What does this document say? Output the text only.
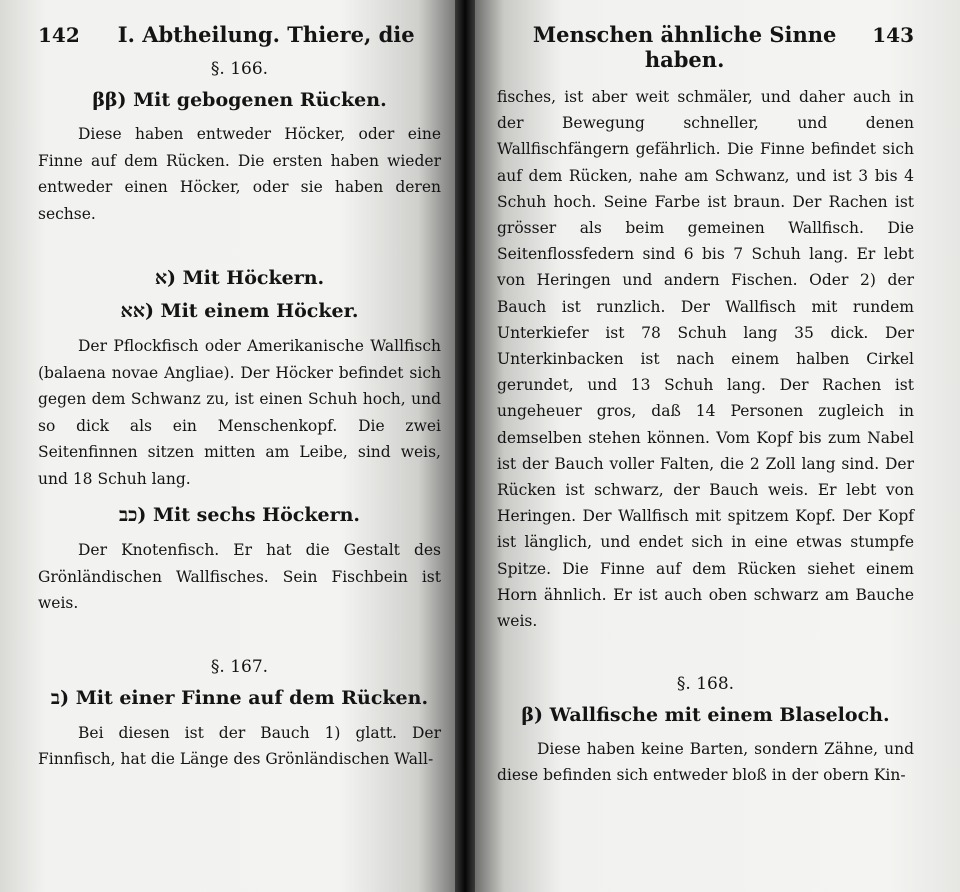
142 I. Abtheilung. Thiere, die
§. 166.
ββ) Mit gebogenen Rücken.

Diese haben entweder Höcker, oder eine Finne auf dem Rücken. Die ersten haben wieder entweder einen Höcker, oder sie haben deren sechse.

א) Mit Höckern.
אא) Mit einem Höcker.

Der Pflockfisch oder Amerikanische Wallfisch (balaena novae Angliae). Der Höcker befindet sich gegen dem Schwanz zu, ist einen Schuh hoch, und so dick als ein Menschenkopf. Die zwei Seitenfinnen sitzen mitten am Leibe, sind weis, und 18 Schuh lang.

כב) Mit sechs Höckern.

Der Knotenfisch. Er hat die Gestalt des Grönländischen Wallfisches. Sein Fischbein ist weis.

§. 167.
ב) Mit einer Finne auf dem Rücken.

Bei diesen ist der Bauch 1) glatt. Der Finnfisch, hat die Länge des Grönländischen Wall-

Menschen ähnliche Sinne haben.
143

fisches, ist aber weit schmäler, und daher auch in der Bewegung schneller, und denen Wallfischfängern gefährlich. Die Finne befindet sich auf dem Rücken, nahe am Schwanz, und ist 3 bis 4 Schuh hoch. Seine Farbe ist braun. Der Rachen ist grösser als beim gemeinen Wallfisch. Die Seitenflossfedern sind 6 bis 7 Schuh lang. Er lebt von Heringen und andern Fischen. Oder 2) der Bauch ist runzlich. Der Wallfisch mit rundem Unterkiefer ist 78 Schuh lang 35 dick. Der Unterkinbacken ist nach einem halben Cirkel gerundet, und 13 Schuh lang. Der Rachen ist ungeheuer gros, daß 14 Personen zugleich in demselben stehen können. Vom Kopf bis zum Nabel ist der Bauch voller Falten, die 2 Zoll lang sind. Der Rücken ist schwarz, der Bauch weis. Er lebt von Heringen. Der Wallfisch mit spitzem Kopf. Der Kopf ist länglich, und endet sich in eine etwas stumpfe Spitze. Die Finne auf dem Rücken siehet einem Horn ähnlich. Er ist auch oben schwarz am Bauche weis.

§. 168.
β) Wallfische mit einem Blaseloch.

Diese haben keine Barten, sondern Zähne, und diese befinden sich entweder bloß in der obern Kin-
